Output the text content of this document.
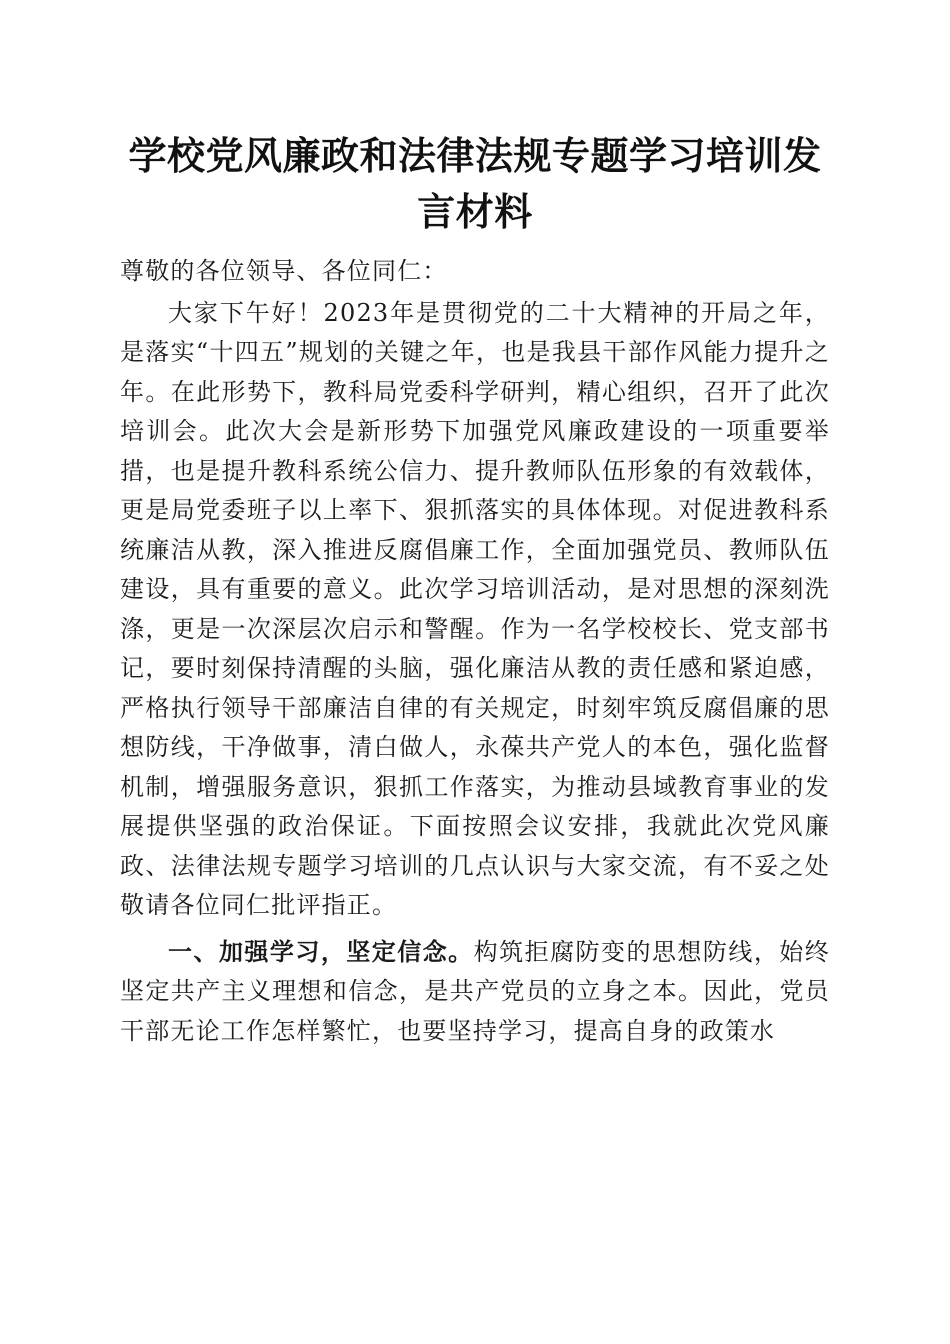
学校党风廉政和法律法规专题学习培训发言材料

尊敬的各位领导、各位同仁：

大家下午好！2023年是贯彻党的二十大精神的开局之年，是落实“十四五”规划的关键之年，也是我县干部作风能力提升之年。在此形势下，教科局党委科学研判，精心组织，召开了此次培训会。此次大会是新形势下加强党风廉政建设的一项重要举措，也是提升教科系统公信力、提升教师队伍形象的有效载体，更是局党委班子以上率下、狠抓落实的具体体现。对促进教科系统廉洁从教，深入推进反腐倡廉工作，全面加强党员、教师队伍建设，具有重要的意义。此次学习培训活动，是对思想的深刻洗涤，更是一次深层次启示和警醒。作为一名学校校长、党支部书记，要时刻保持清醒的头脑，强化廉洁从教的责任感和紧迫感，严格执行领导干部廉洁自律的有关规定，时刻牢筑反腐倡廉的思想防线，干净做事，清白做人，永葆共产党人的本色，强化监督机制，增强服务意识，狠抓工作落实，为推动县域教育事业的发展提供坚强的政治保证。下面按照会议安排，我就此次党风廉政、法律法规专题学习培训的几点认识与大家交流，有不妥之处敬请各位同仁批评指正。

一、加强学习，坚定信念。构筑拒腐防变的思想防线，始终坚定共产主义理想和信念，是共产党员的立身之本。因此，党员干部无论工作怎样繁忙，也要坚持学习，提高自身的政策水
